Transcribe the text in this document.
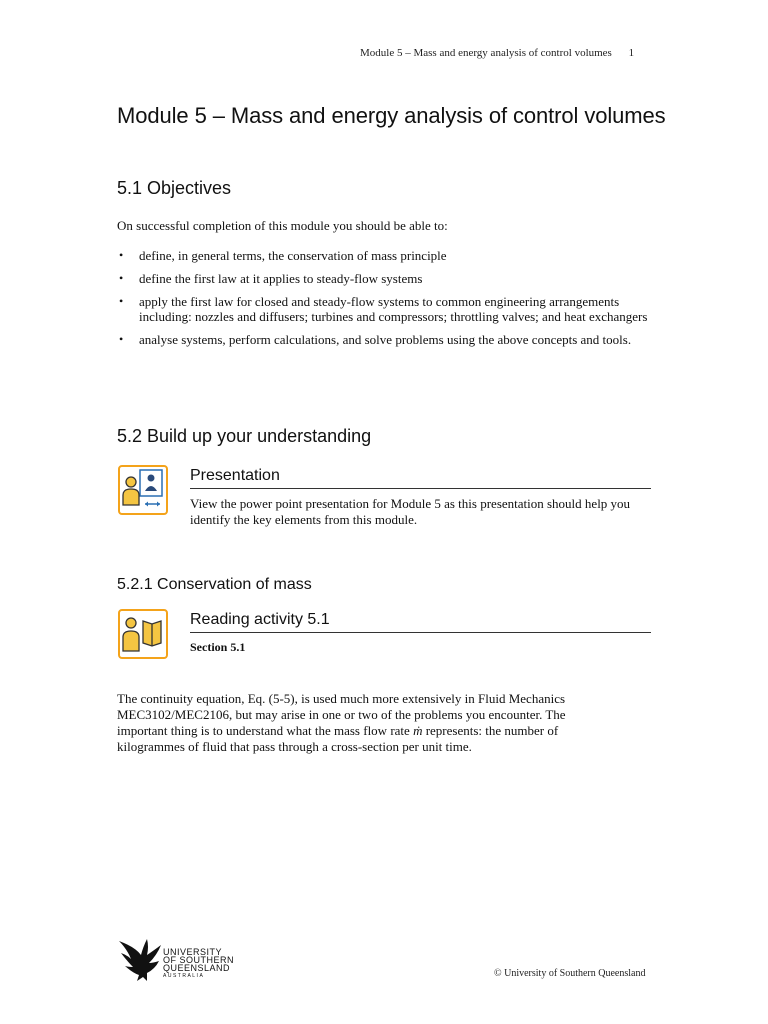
Module 5 – Mass and energy analysis of control volumes 1
Module 5 – Mass and energy analysis of control volumes
5.1 Objectives
On successful completion of this module you should be able to:
• define, in general terms, the conservation of mass principle
• define the first law at it applies to steady-flow systems
• apply the first law for closed and steady-flow systems to common engineering arrangements including: nozzles and diffusers; turbines and compressors; throttling valves; and heat exchangers
• analyse systems, perform calculations, and solve problems using the above concepts and tools.
5.2 Build up your understanding
Presentation
View the power point presentation for Module 5 as this presentation should help you identify the key elements from this module.
5.2.1 Conservation of mass
Reading activity 5.1
Section 5.1
The continuity equation, Eq. (5-5), is used much more extensively in Fluid Mechanics MEC3102/MEC2106, but may arise in one or two of the problems you encounter. The important thing is to understand what the mass flow rate ṁ represents: the number of kilogrammes of fluid that pass through a cross-section per unit time.
UNIVERSITY
OF SOUTHERN
QUEENSLAND
AUSTRALIA	© University of Southern Queensland
